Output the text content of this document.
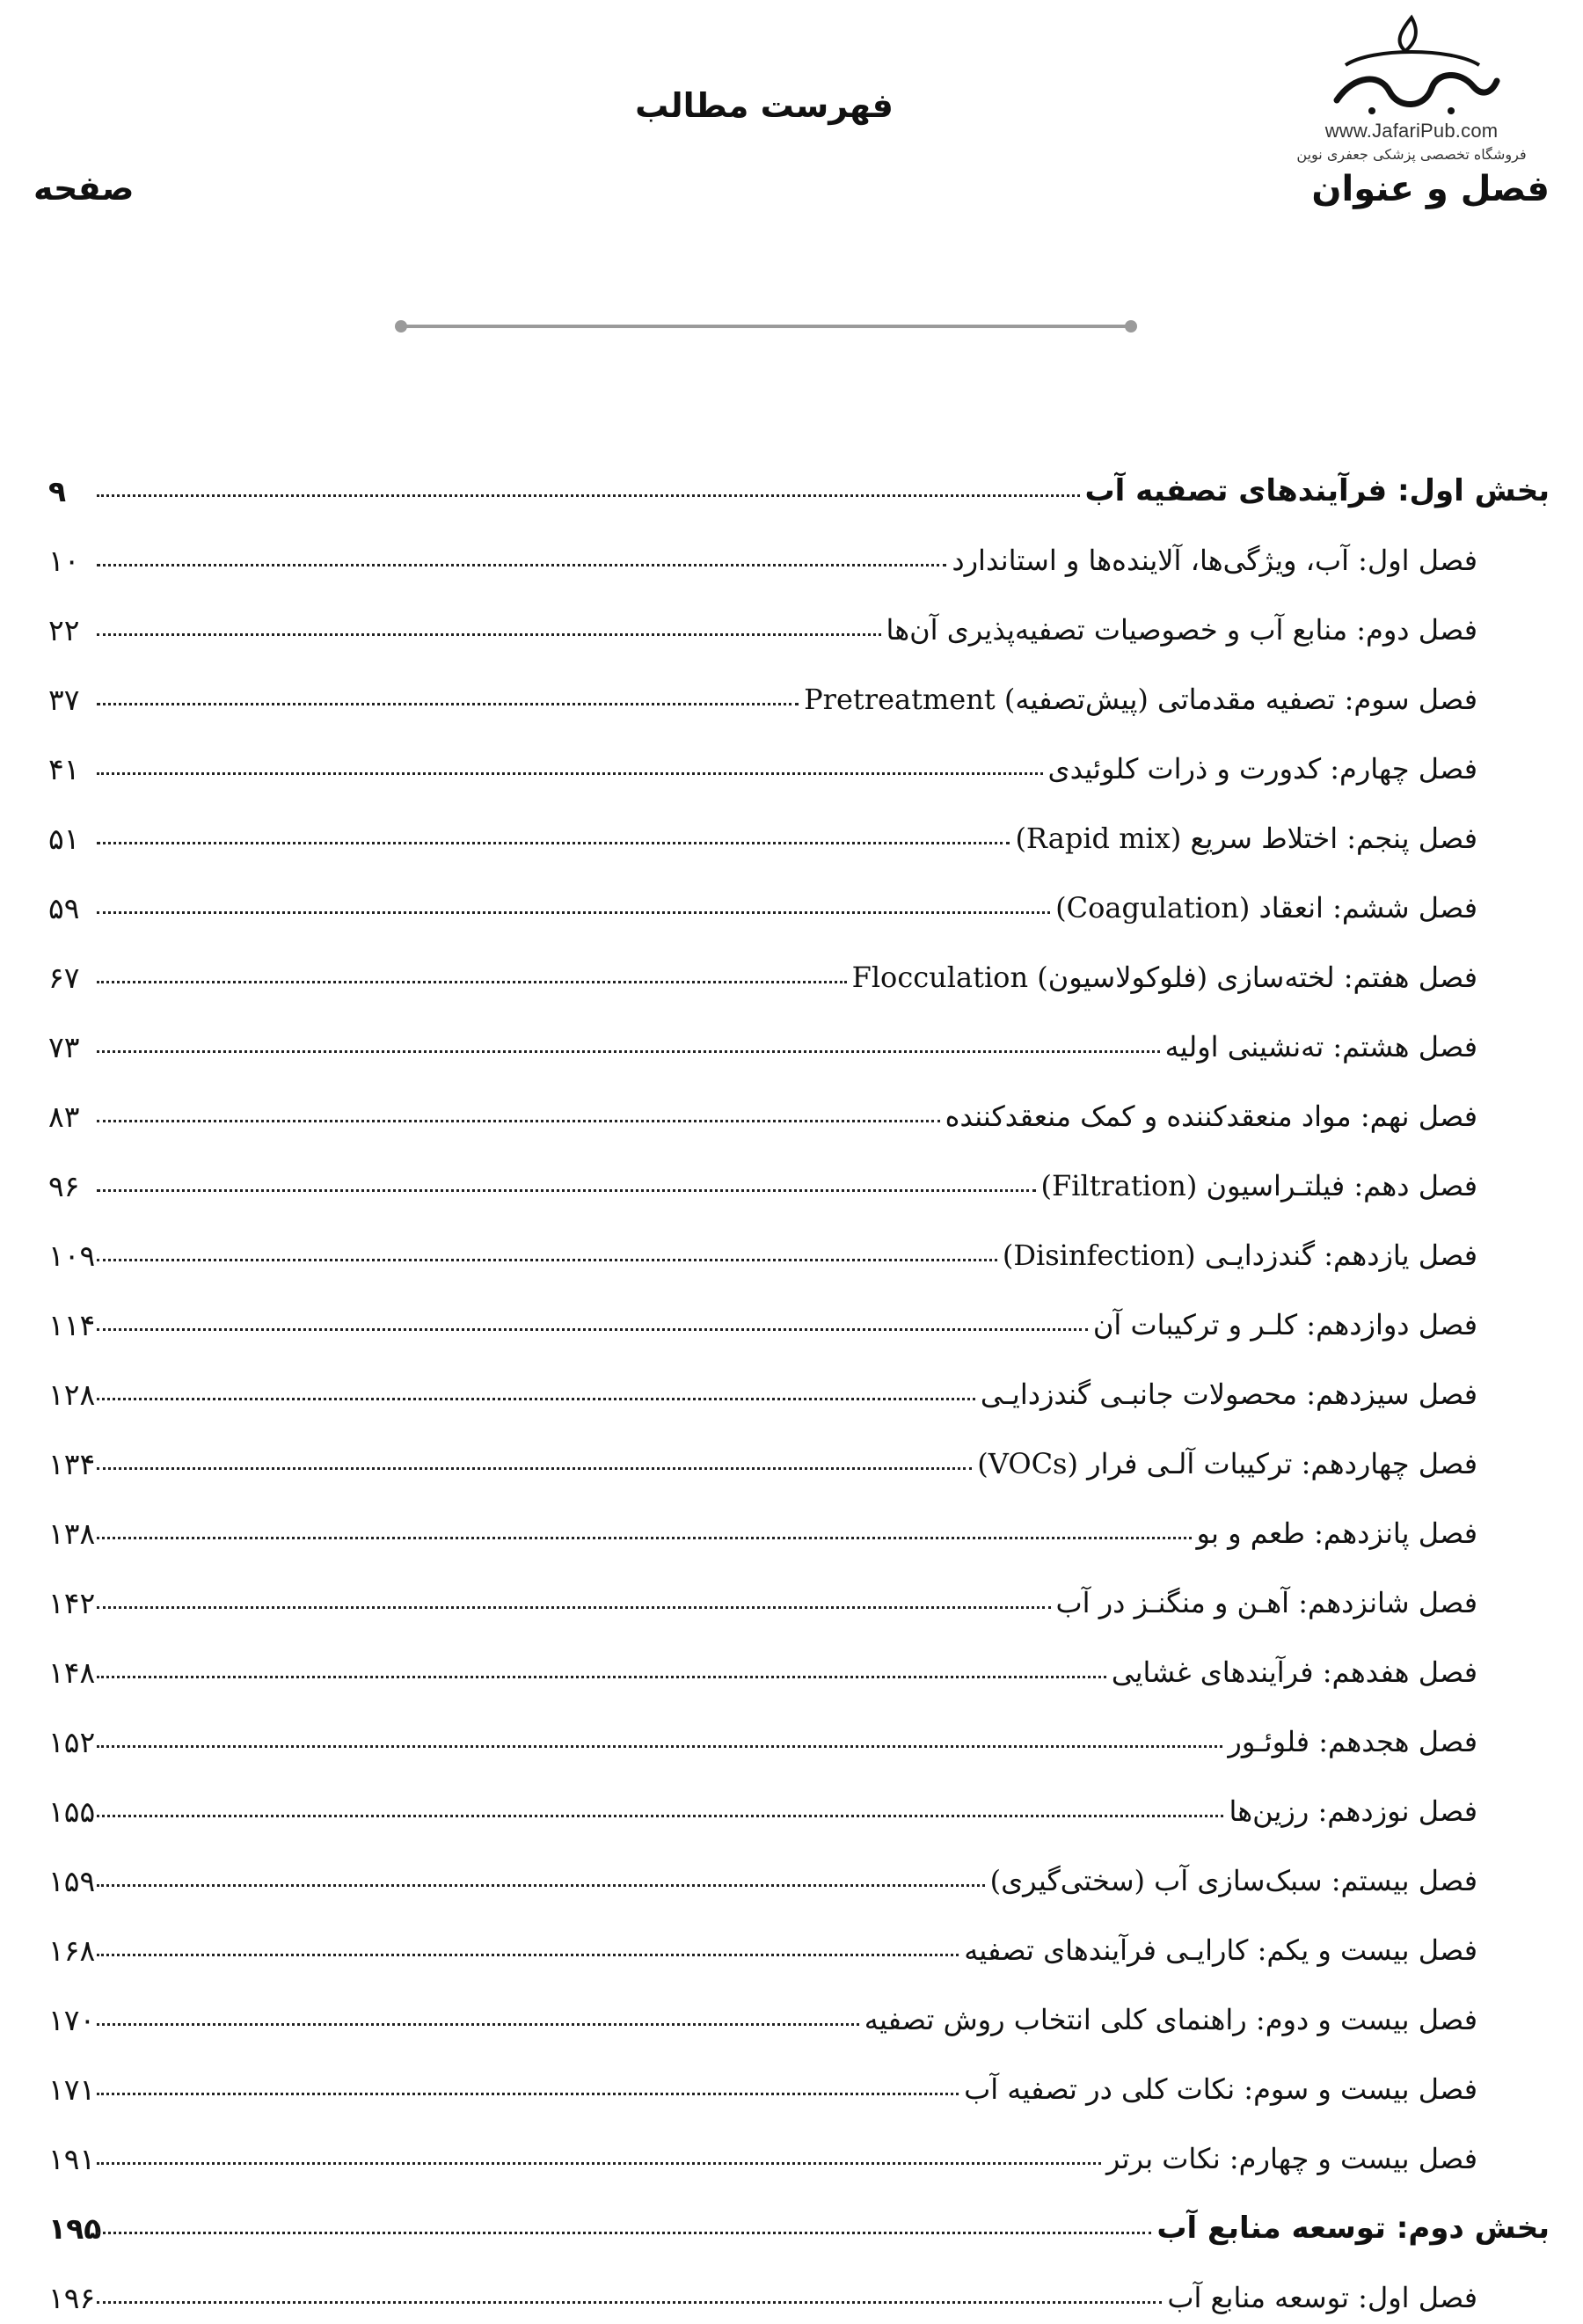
فهرست مطالب
www.JafariPub.com
فروشگاه تخصصی پزشکی جعفری نوین
فصل و عنوان
صفحه
۹	بخش اول: فرآیندهای تصفیه آب
۱۰	فصل اول: آب، ویژگی‌ها، آلاینده‌ها و استاندارد
۲۲	فصل دوم: منابع آب و خصوصیات تصفیه‌پذیری آن‌ها
۳۷	فصل سوم: تصفیه مقدماتی (پیش‌تصفیه) Pretreatment
۴۱	فصل چهارم: کدورت و ذرات کلوئیدی
۵۱	فصل پنجم: اختلاط سریع (Rapid mix)
۵۹	فصل ششم: انعقاد (Coagulation)
۶۷	فصل هفتم: لخته‌سازی (فلوکولاسیون) Flocculation
۷۳	فصل هشتم: ته‌نشینی اولیه
۸۳	فصل نهم: مواد منعقدکننده و کمک منعقدکننده
۹۶	فصل دهم: فیلتـراسیون (Filtration)
۱۰۹	فصل یازدهم: گندزدایـی (Disinfection)
۱۱۴	فصل دوازدهم: کلـر و ترکیبات آن
۱۲۸	فصل سیزدهم: محصولات جانبـی گندزدایـی
۱۳۴	فصل چهاردهم: ترکیبات آلـی فرار (VOCs)
۱۳۸	فصل پانزدهم: طعم و بو
۱۴۲	فصل شانزدهم: آهـن و منگنـز در آب
۱۴۸	فصل هفدهم: فرآیندهای غشایی
۱۵۲	فصل هجدهم: فلوئـور
۱۵۵	فصل نوزدهم: رزین‌ها
۱۵۹	فصل بیستم: سبک‌سازی آب (سختی‌گیری)
۱۶۸	فصل بیست و یکم: کارایـی فرآیندهای تصفیه
۱۷۰	فصل بیست و دوم: راهنمای کلی انتخاب روش تصفیه
۱۷۱	فصل بیست و سوم: نکات کلی در تصفیه آب
۱۹۱	فصل بیست و چهارم: نکات برتر
۱۹۵	بخش دوم: توسعه منابع آب
۱۹۶	فصل اول: توسعه منابع آب
